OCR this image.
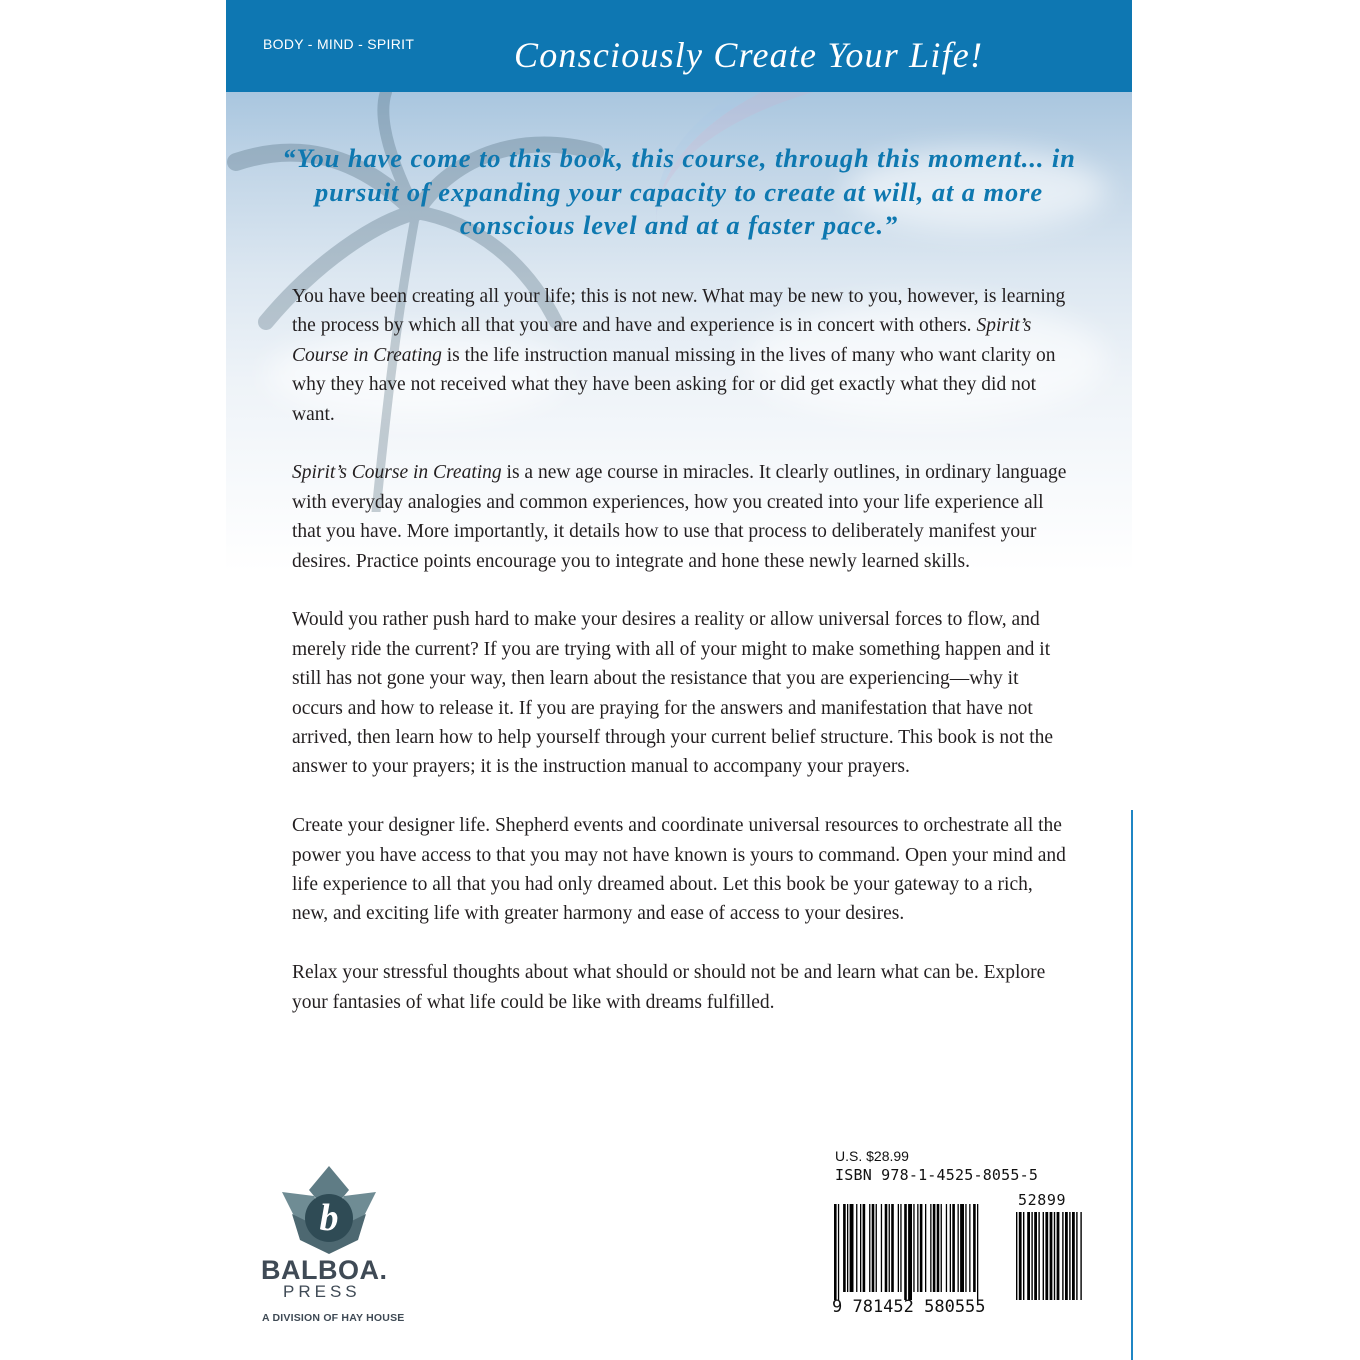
BODY - MIND - SPIRIT	Consciously Create Your Life!
“You have come to this book, this course, through this moment... in pursuit of expanding your capacity to create at will, at a more conscious level and at a faster pace.”

You have been creating all your life; this is not new. What may be new to you, however, is learning the process by which all that you are and have and experience is in concert with others. Spirit’s Course in Creating is the life instruction manual missing in the lives of many who want clarity on why they have not received what they have been asking for or did get exactly what they did not want.

Spirit’s Course in Creating is a new age course in miracles. It clearly outlines, in ordinary language with everyday analogies and common experiences, how you created into your life experience all that you have. More importantly, it details how to use that process to deliberately manifest your desires. Practice points encourage you to integrate and hone these newly learned skills.

Would you rather push hard to make your desires a reality or allow universal forces to flow, and merely ride the current? If you are trying with all of your might to make something happen and it still has not gone your way, then learn about the resistance that you are experiencing—why it occurs and how to release it. If you are praying for the answers and manifestation that have not arrived, then learn how to help yourself through your current belief structure. This book is not the answer to your prayers; it is the instruction manual to accompany your prayers.

Create your designer life. Shepherd events and coordinate universal resources to orchestrate all the power you have access to that you may not have known is yours to command. Open your mind and life experience to all that you had only dreamed about. Let this book be your gateway to a rich, new, and exciting life with greater harmony and ease of access to your desires.

Relax your stressful thoughts about what should or should not be and learn what can be. Explore your fantasies of what life could be like with dreams fulfilled.

b
BALBOA.
PRESS
A DIVISION OF HAY HOUSE
U.S. $28.99
ISBN 978-1-4525-8055-5
52899
9 781452 580555
